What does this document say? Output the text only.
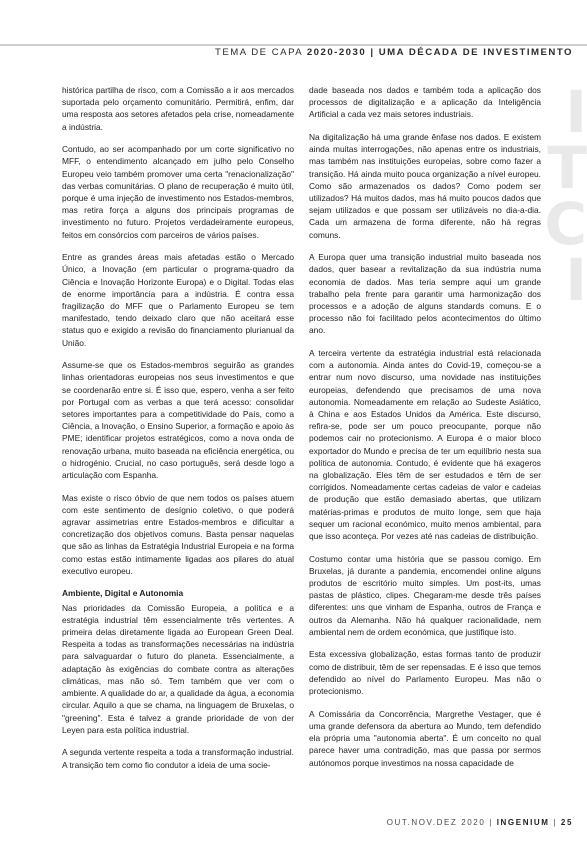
TEMA DE CAPA 2020-2030 | UMA DÉCADA DE INVESTIMENTO
I
T
C
I

histórica partilha de risco, com a Comissão a ir aos mercados suportada pelo orçamento comunitário. Permitirá, enfim, dar uma resposta aos setores afetados pela crise, nomeadamente a indústria.

Contudo, ao ser acompanhado por um corte significativo no MFF, o entendimento alcançado em julho pelo Conselho Europeu veio também promover uma certa "renacionalização" das verbas comunitárias. O plano de recuperação é muito útil, porque é uma injeção de investimento nos Estados-membros, mas retira força a alguns dos principais programas de investimento no futuro. Projetos verdadeiramente europeus, feitos em consórcios com parceiros de vários países.

Entre as grandes áreas mais afetadas estão o Mercado Único, a Inovação (em particular o programa-quadro da Ciência e Inovação Horizonte Europa) e o Digital. Todas elas de enorme importância para a indústria. É contra essa fragilização do MFF que o Parlamento Europeu se tem manifestado, tendo deixado claro que não aceitará esse status quo e exigido a revisão do financiamento plurianual da União.

Assume-se que os Estados-membros seguirão as grandes linhas orientadoras europeias nos seus investimentos e que se coordenarão entre si. É isso que, espero, venha a ser feito por Portugal com as verbas a que terá acesso: consolidar setores importantes para a competitividade do País, como a Ciência, a Inovação, o Ensino Superior, a formação e apoio às PME; identificar projetos estratégicos, como a nova onda de renovação urbana, muito baseada na eficiência energética, ou o hidrogénio. Crucial, no caso português, será desde logo a articulação com Espanha.

Mas existe o risco óbvio de que nem todos os países atuem com este sentimento de desígnio coletivo, o que poderá agravar assimetrias entre Estados-membros e dificultar a concretização dos objetivos comuns. Basta pensar naquelas que são as linhas da Estratégia Industrial Europeia e na forma como estas estão intimamente ligadas aos pilares do atual executivo europeu.

Ambiente, Digital e Autonomia

Nas prioridades da Comissão Europeia, a política e a estratégia industrial têm essencialmente três vertentes. A primeira delas diretamente ligada ao European Green Deal. Respeita a todas as transformações necessárias na indústria para salvaguardar o futuro do planeta. Essencialmente, a adaptação às exigências do combate contra as alterações climáticas, mas não só. Tem também que ver com o ambiente. A qualidade do ar, a qualidade da água, a economia circular. Aquilo a que se chama, na linguagem de Bruxelas, o "greening". Esta é talvez a grande prioridade de von der Leyen para esta política industrial.

A segunda vertente respeita a toda a transformação industrial. A transição tem como fio condutor a ideia de uma socie-

dade baseada nos dados e também toda a aplicação dos processos de digitalização e a aplicação da Inteligência Artificial a cada vez mais setores industriais.

Na digitalização há uma grande ênfase nos dados. E existem ainda muitas interrogações, não apenas entre os industriais, mas também nas instituições europeias, sobre como fazer a transição. Há ainda muito pouca organização a nível europeu. Como são armazenados os dados? Como podem ser utilizados? Há muitos dados, mas há muito poucos dados que sejam utilizados e que possam ser utilizáveis no dia-a-dia. Cada um armazena de forma diferente, não há regras comuns.

A Europa quer uma transição industrial muito baseada nos dados, quer basear a revitalização da sua indústria numa economia de dados. Mas teria sempre aqui um grande trabalho pela frente para garantir uma harmonização dos processos e a adoção de alguns standards comuns. E o processo não foi facilitado pelos acontecimentos do último ano.

A terceira vertente da estratégia industrial está relacionada com a autonomia. Ainda antes do Covid-19, começou-se a entrar num novo discurso, uma novidade nas instituições europeias, defendendo que precisamos de uma nova autonomia. Nomeadamente em relação ao Sudeste Asiático, à China e aos Estados Unidos da América. Este discurso, refira-se, pode ser um pouco preocupante, porque não podemos cair no protecionismo. A Europa é o maior bloco exportador do Mundo e precisa de ter um equilíbrio nesta sua política de autonomia. Contudo, é evidente que há exageros na globalização. Eles têm de ser estudados e têm de ser corrigidos. Nomeadamente certas cadeias de valor e cadeias de produção que estão demasiado abertas, que utilizam matérias-primas e produtos de muito longe, sem que haja sequer um racional económico, muito menos ambiental, para que isso aconteça. Por vezes até nas cadeias de distribuição.

Costumo contar uma história que se passou comigo. Em Bruxelas, já durante a pandemia, encomendei online alguns produtos de escritório muito simples. Um post-its, umas pastas de plástico, clipes. Chegaram-me desde três países diferentes: uns que vinham de Espanha, outros de França e outros da Alemanha. Não há qualquer racionalidade, nem ambiental nem de ordem económica, que justifique isto.

Esta excessiva globalização, estas formas tanto de produzir como de distribuir, têm de ser repensadas. E é isso que temos defendido ao nível do Parlamento Europeu. Mas não o protecionismo.

A Comissária da Concorrência, Margrethe Vestager, que é uma grande defensora da abertura ao Mundo, tem defendido ela própria uma "autonomia aberta". É um conceito no qual parece haver uma contradição, mas que passa por sermos autónomos porque investimos na nossa capacidade de

OUT.NOV.DEZ 2020 | INGENIUM | 25
